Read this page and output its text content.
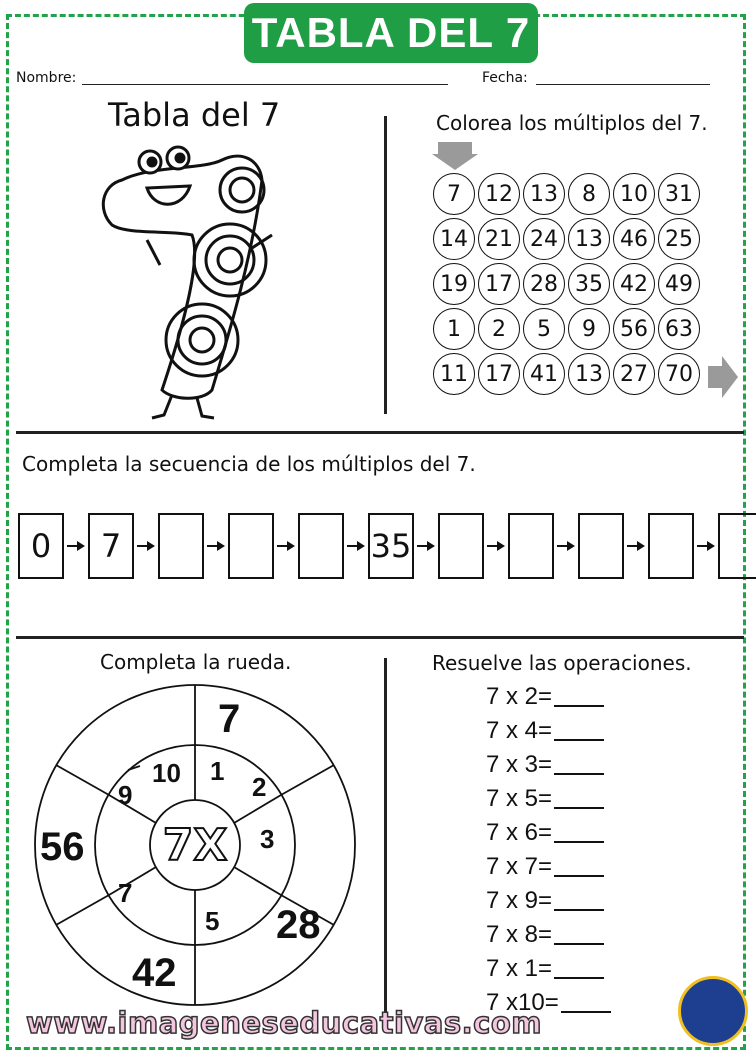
TABLA DEL 7
Nombre:	Fecha:
Tabla del 7	Colorea los múltiplos del 7.
7	12 13	8	10 31
14 21 24 13 46 25
19 17 28 35 42 49
1	2	5	9	56 63
11 17 41 13 27 70
Completa la secuencia de los múltiplos del 7.
0	7	35
Completa la rueda.
7X
1
2
3
5
7
9
10
7
28
42
56
Resuelve las operaciones.
7 x 2=
7 x 4=
7 x 3=
7 x 5=
7 x 6=
7 x 7=
7 x 9=
7 x 8=
7 x 1=
7 x10=
www.imageneseducativas.com
